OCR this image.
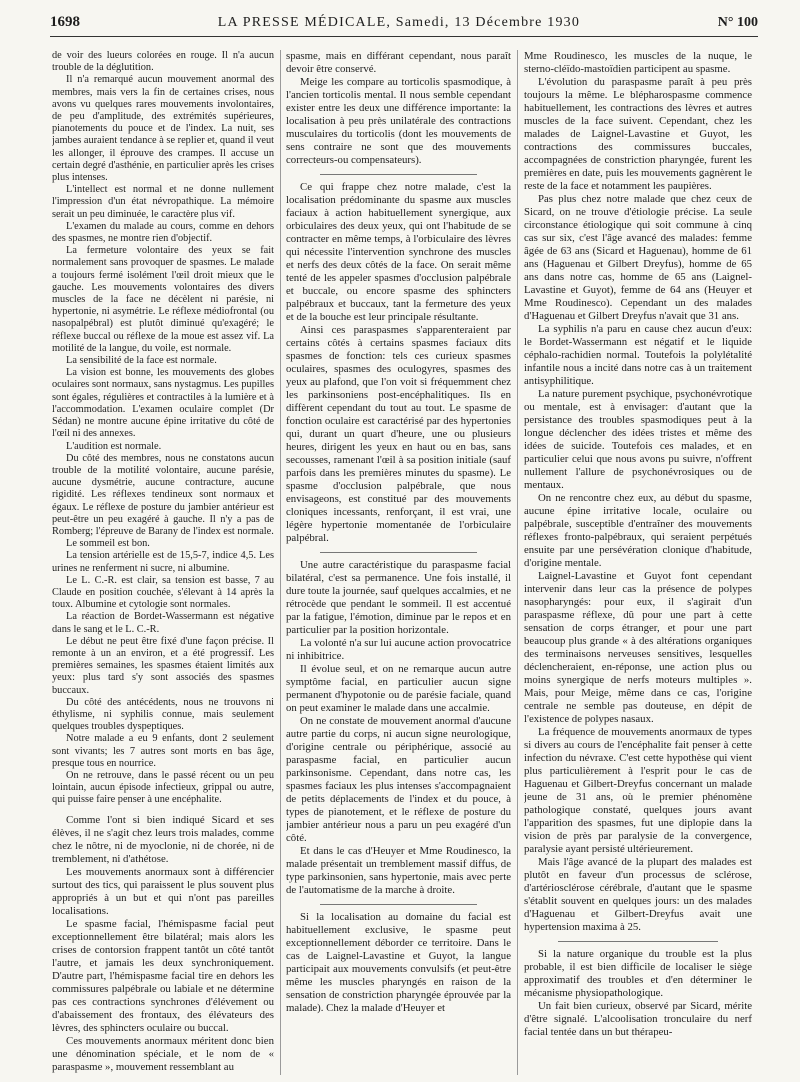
1698	LA PRESSE MÉDICALE, Samedi, 13 Décembre 1930	N° 100

de voir des lueurs colorées en rouge. Il n'a aucun trouble de la déglutition.

Il n'a remarqué aucun mouvement anormal des membres, mais vers la fin de certaines crises, nous avons vu quelques rares mouvements involontaires, de peu d'amplitude, des extrémités supérieures, pianotements du pouce et de l'index. La nuit, ses jambes auraient tendance à se replier et, quand il veut les allonger, il éprouve des crampes. Il accuse un certain degré d'asthénie, en particulier après les crises plus intenses.

L'intellect est normal et ne donne nullement l'impression d'un état névropathique. La mémoire serait un peu diminuée, le caractère plus vif.

L'examen du malade au cours, comme en dehors des spasmes, ne montre rien d'objectif.

La fermeture volontaire des yeux se fait normalement sans provoquer de spasmes. Le malade a toujours fermé isolément l'œil droit mieux que le gauche. Les mouvements volontaires des divers muscles de la face ne décèlent ni parésie, ni hypertonie, ni asymétrie. Le réflexe médiofrontal (ou nasopalpébral) est plutôt diminué qu'exagéré; le réflexe buccal ou réflexe de la moue est assez vif. La motilité de la langue, du voile, est normale.

La sensibilité de la face est normale.

La vision est bonne, les mouvements des globes oculaires sont normaux, sans nystagmus. Les pupilles sont égales, régulières et contractiles à la lumière et à l'accommodation. L'examen oculaire complet (Dr Sédan) ne montre aucune épine irritative du côté de l'œil ni des annexes.

L'audition est normale.

Du côté des membres, nous ne constatons aucun trouble de la motilité volontaire, aucune parésie, aucune dysmétrie, aucune contracture, aucune rigidité. Les réflexes tendineux sont normaux et égaux. Le réflexe de posture du jambier antérieur est peut-être un peu exagéré à gauche. Il n'y a pas de Romberg; l'épreuve de Barany de l'index est normale.

Le sommeil est bon.

La tension artérielle est de 15,5-7, indice 4,5. Les urines ne renferment ni sucre, ni albumine.

Le L. C.-R. est clair, sa tension est basse, 7 au Claude en position couchée, s'élevant à 14 après la toux. Albumine et cytologie sont normales.

La réaction de Bordet-Wassermann est négative dans le sang et le L. C.-R.

Le début ne peut être fixé d'une façon précise. Il remonte à un an environ, et a été progressif. Les premières semaines, les spasmes étaient limités aux yeux: plus tard s'y sont associés des spasmes buccaux.

Du côté des antécédents, nous ne trouvons ni éthylisme, ni syphilis connue, mais seulement quelques troubles dyspeptiques.

Notre malade a eu 9 enfants, dont 2 seulement sont vivants; les 7 autres sont morts en bas âge, presque tous en nourrice.

On ne retrouve, dans le passé récent ou un peu lointain, aucun épisode infectieux, grippal ou autre, qui puisse faire penser à une encéphalite.

Comme l'ont si bien indiqué Sicard et ses élèves, il ne s'agit chez leurs trois malades, comme chez le nôtre, ni de myoclonie, ni de chorée, ni de tremblement, ni d'athétose.

Les mouvements anormaux sont à différencier surtout des tics, qui paraissent le plus souvent plus appropriés à un but et qui n'ont pas pareilles localisations.

Le spasme facial, l'hémispasme facial peut exceptionnellement être bilatéral; mais alors les crises de contorsion frappent tantôt un côté tantôt l'autre, et jamais les deux synchroniquement. D'autre part, l'hémispasme facial tire en dehors les commissures palpébrale ou labiale et ne détermine pas ces contractions synchrones d'élévement ou d'abaissement des frontaux, des élévateurs des lèvres, des sphincters oculaire ou buccal.

Ces mouvements anormaux méritent donc bien une dénomination spéciale, et le nom de « paraspasme », mouvement ressemblant au

spasme, mais en différant cependant, nous paraît devoir être conservé.

Meige les compare au torticolis spasmodique, à l'ancien torticolis mental. Il nous semble cependant exister entre les deux une différence importante: la localisation à peu près unilatérale des contractions musculaires du torticolis (dont les mouvements de sens contraire ne sont que des mouvements correcteurs-ou compensateurs).

Ce qui frappe chez notre malade, c'est la localisation prédominante du spasme aux muscles faciaux à action habituellement synergique, aux orbiculaires des deux yeux, qui ont l'habitude de se contracter en même temps, à l'orbiculaire des lèvres qui nécessite l'intervention synchrone des muscles et nerfs des deux côtés de la face. On serait même tenté de les appeler spasmes d'occlusion palpébrale et buccale, ou encore spasme des sphincters palpébraux et buccaux, tant la fermeture des yeux et de la bouche est leur principale résultante.

Ainsi ces paraspasmes s'apparenteraient par certains côtés à certains spasmes faciaux dits spasmes de fonction: tels ces curieux spasmes oculaires, spasmes des oculogyres, spasmes des yeux au plafond, que l'on voit si fréquemment chez les parkinsoniens post-encéphalitiques. Ils en diffèrent cependant du tout au tout. Le spasme de fonction oculaire est caractérisé par des hypertonies qui, durant un quart d'heure, une ou plusieurs heures, dirigent les yeux en haut ou en bas, sans secousses, ramenant l'œil à sa position initiale (sauf parfois dans les premières minutes du spasme). Le spasme d'occlusion palpébrale, que nous envisageons, est constitué par des mouvements cloniques incessants, renforçant, il est vrai, une légère hypertonie momentanée de l'orbiculaire palpébral.

Une autre caractéristique du paraspasme facial bilatéral, c'est sa permanence. Une fois installé, il dure toute la journée, sauf quelques accalmies, et ne rétrocède que pendant le sommeil. Il est accentué par la fatigue, l'émotion, diminue par le repos et en particulier par la position horizontale.

La volonté n'a sur lui aucune action provocatrice ni inhibitrice.

Il évolue seul, et on ne remarque aucun autre symptôme facial, en particulier aucun signe permanent d'hypotonie ou de parésie faciale, quand on peut examiner le malade dans une accalmie.

On ne constate de mouvement anormal d'aucune autre partie du corps, ni aucun signe neurologique, d'origine centrale ou périphérique, associé au paraspasme facial, en particulier aucun parkinsonisme. Cependant, dans notre cas, les spasmes faciaux les plus intenses s'accompagnaient de petits déplacements de l'index et du pouce, à types de pianotement, et le réflexe de posture du jambier antérieur nous a paru un peu exagéré d'un côté.

Et dans le cas d'Heuyer et Mme Roudinesco, la malade présentait un tremblement massif diffus, de type parkinsonien, sans hypertonie, mais avec perte de l'automatisme de la marche à droite.

Si la localisation au domaine du facial est habituellement exclusive, le spasme peut exceptionnellement déborder ce territoire. Dans le cas de Laignel-Lavastine et Guyot, la langue participait aux mouvements convulsifs (et peut-être même les muscles pharyngés en raison de la sensation de constriction pharyngée éprouvée par la malade). Chez la malade d'Heuyer et

Mme Roudinesco, les muscles de la nuque, le sterno-cléïdo-mastoïdien participent au spasme.

L'évolution du paraspasme paraît à peu près toujours la même. Le blépharospasme commence habituellement, les contractions des lèvres et autres muscles de la face suivent. Cependant, chez les malades de Laignel-Lavastine et Guyot, les contractions des commissures buccales, accompagnées de constriction pharyngée, furent les premières en date, puis les mouvements gagnèrent le reste de la face et notamment les paupières.

Pas plus chez notre malade que chez ceux de Sicard, on ne trouve d'étiologie précise. La seule circonstance étiologique qui soit commune à cinq cas sur six, c'est l'âge avancé des malades: femme âgée de 63 ans (Sicard et Haguenau), homme de 61 ans (Haguenau et Gilbert Dreyfus), homme de 65 ans dans notre cas, homme de 65 ans (Laignel-Lavastine et Guyot), femme de 64 ans (Heuyer et Mme Roudinesco). Cependant un des malades d'Haguenau et Gilbert Dreyfus n'avait que 31 ans.

La syphilis n'a paru en cause chez aucun d'eux: le Bordet-Wassermann est négatif et le liquide céphalo-rachidien normal. Toutefois la polylétalité infantile nous a incité dans notre cas à un traitement antisyphilitique.

La nature purement psychique, psychonévrotique ou mentale, est à envisager: d'autant que la persistance des troubles spasmodiques peut à la longue déclencher des idées tristes et même des idées de suicide. Toutefois ces malades, et en particulier celui que nous avons pu suivre, n'offrent nullement l'allure de psychonévrosiques ou de mentaux.

On ne rencontre chez eux, au début du spasme, aucune épine irritative locale, oculaire ou palpébrale, susceptible d'entraîner des mouvements réflexes fronto-palpébraux, qui seraient perpétués ensuite par une persévération clonique d'habitude, d'origine mentale.

Laignel-Lavastine et Guyot font cependant intervenir dans leur cas la présence de polypes nasopharyngés: pour eux, il s'agirait d'un paraspasme réflexe, dû pour une part à cette sensation de corps étranger, et pour une part beaucoup plus grande « à des altérations organiques des terminaisons nerveuses sensitives, lesquelles déclencheraient, en-réponse, une action plus ou moins synergique de nerfs moteurs multiples ». Mais, pour Meige, même dans ce cas, l'origine centrale ne semble pas douteuse, en dépit de l'existence de polypes nasaux.

La fréquence de mouvements anormaux de types si divers au cours de l'encéphalite fait penser à cette infection du névraxe. C'est cette hypothèse qui vient plus particulièrement à l'esprit pour le cas de Haguenau et Gilbert-Dreyfus concernant un malade jeune de 31 ans, où le premier phénomène pathologique constaté, quelques jours avant l'apparition des spasmes, fut une diplopie dans la vision de près par paralysie de la convergence, paralysie ayant persisté ultérieurement.

Mais l'âge avancé de la plupart des malades est plutôt en faveur d'un processus de sclérose, d'artériosclérose cérébrale, d'autant que le spasme s'établit souvent en quelques jours: un des malades d'Haguenau et Gilbert-Dreyfus avait une hypertension maxima à 25.

Si la nature organique du trouble est la plus probable, il est bien difficile de localiser le siège approximatif des troubles et d'en déterminer le mécanisme physiopathologique.

Un fait bien curieux, observé par Sicard, mérite d'être signalé. L'alcoolisation tronculaire du nerf facial tentée dans un but thérapeu-
